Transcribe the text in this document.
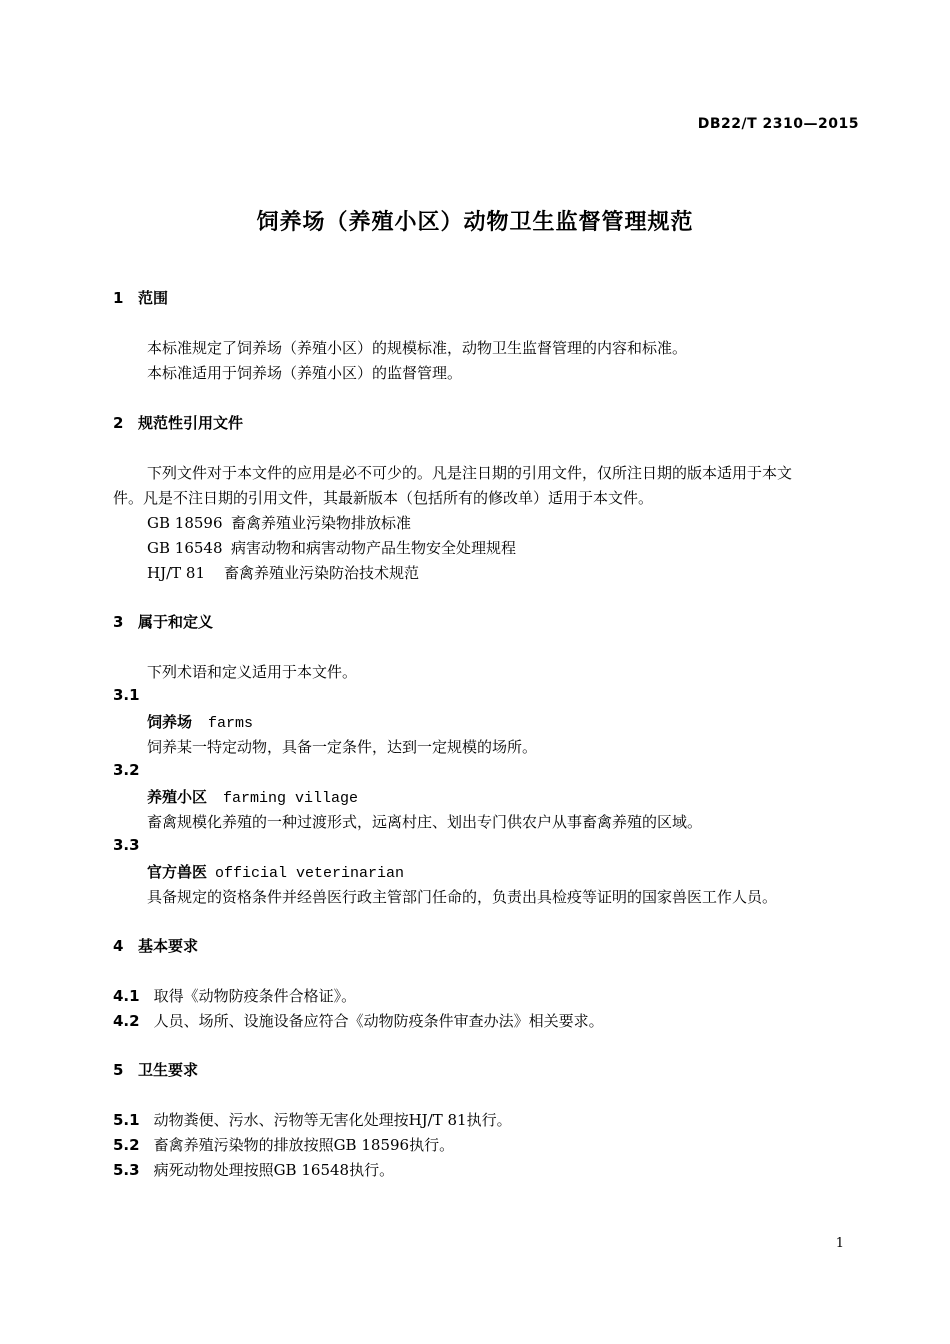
DB22/T 2310—2015
饲养场（养殖小区）动物卫生监督管理规范
1 范围
本标准规定了饲养场（养殖小区）的规模标准，动物卫生监督管理的内容和标准。
本标准适用于饲养场（养殖小区）的监督管理。
2 规范性引用文件
下列文件对于本文件的应用是必不可少的。凡是注日期的引用文件，仅所注日期的版本适用于本文
件。凡是不注日期的引用文件，其最新版本（包括所有的修改单）适用于本文件。
GB 18596 畜禽养殖业污染物排放标准
GB 16548 病害动物和病害动物产品生物安全处理规程
HJ/T 81 畜禽养殖业污染防治技术规范
3 属于和定义
下列术语和定义适用于本文件。
3.1
饲养场 farms
饲养某一特定动物，具备一定条件，达到一定规模的场所。
3.2
养殖小区 farming village
畜禽规模化养殖的一种过渡形式，远离村庄、划出专门供农户从事畜禽养殖的区域。
3.3
官方兽医 official veterinarian
具备规定的资格条件并经兽医行政主管部门任命的，负责出具检疫等证明的国家兽医工作人员。
4 基本要求
4.1 取得《动物防疫条件合格证》。
4.2 人员、场所、设施设备应符合《动物防疫条件审查办法》相关要求。
5 卫生要求
5.1 动物粪便、污水、污物等无害化处理按HJ/T 81执行。
5.2 畜禽养殖污染物的排放按照GB 18596执行。
5.3 病死动物处理按照GB 16548执行。
1
